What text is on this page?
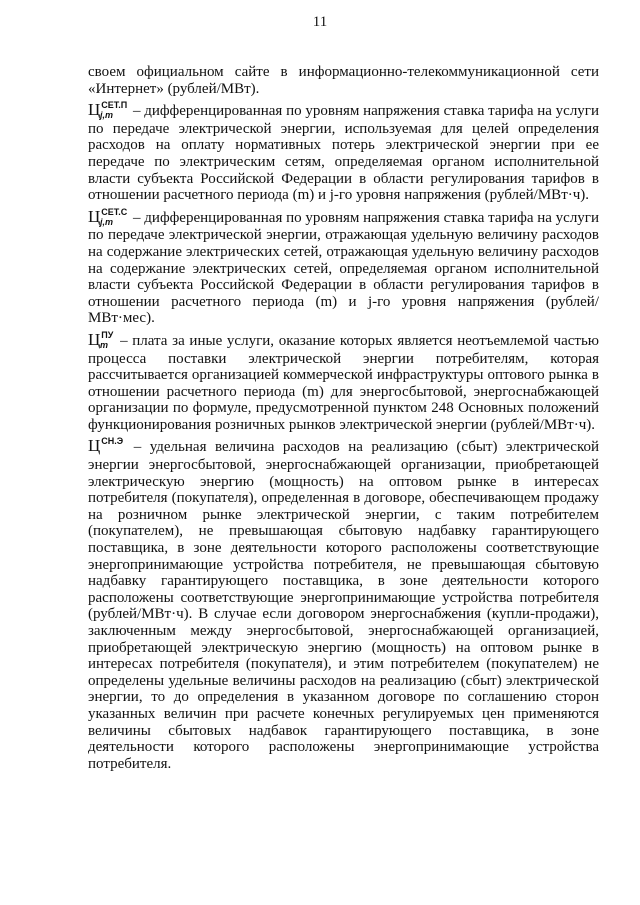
11

своем официальном сайте в информационно-телекоммуникационной сети «Интернет» (рублей/МВт).

$Ц^{СЕТ.П}$
j,m – дифференцированная по уровням напряжения ставка тарифа на услуги по передаче электрической энергии, используемая для целей определения расходов на оплату нормативных потерь электрической энергии при ее передаче по электрическим сетям, определяемая органом исполнительной власти субъекта Российской Федерации в области регулирования тарифов в отношении расчетного периода (m) и j-го уровня напряжения (рублей/МВт·ч).

$Ц^{СЕТ.С}$
j,m – дифференцированная по уровням напряжения ставка тарифа на услуги по передаче электрической энергии, отражающая удельную величину расходов на содержание электрических сетей, отражающая удельную величину расходов на содержание электрических сетей, определяемая органом исполнительной власти субъекта Российской Федерации в области регулирования тарифов в отношении расчетного периода (m) и j-го уровня напряжения (рублей/МВт·мес).

$Ц^{ПУ}$
m – плата за иные услуги, оказание которых является неотъемлемой частью процесса поставки электрической энергии потребителям, которая рассчитывается организацией коммерческой инфраструктуры оптового рынка в отношении расчетного периода (m) для энергосбытовой, энергоснабжающей организации по формуле, предусмотренной пунктом 248 Основных положений функционирования розничных рынков электрической энергии (рублей/МВт·ч).

$Ц^{СН.Э}$
– удельная величина расходов на реализацию (сбыт) электрической энергии энергосбытовой, энергоснабжающей организации, приобретающей электрическую энергию (мощность) на оптовом рынке в интересах потребителя (покупателя), определенная в договоре, обеспечивающем продажу на розничном рынке электрической энергии, с таким потребителем (покупателем), не превышающая сбытовую надбавку гарантирующего поставщика, в зоне деятельности которого расположены соответствующие энергопринимающие устройства потребителя, не превышающая сбытовую надбавку гарантирующего поставщика, в зоне деятельности которого расположены соответствующие энергопринимающие устройства потребителя (рублей/МВт·ч). В случае если договором энергоснабжения (купли-продажи), заключенным между энергосбытовой, энергоснабжающей организацией, приобретающей электрическую энергию (мощность) на оптовом рынке в интересах потребителя (покупателя), и этим потребителем (покупателем) не определены удельные величины расходов на реализацию (сбыт) электрической энергии, то до определения в указанном договоре по соглашению сторон указанных величин при расчете конечных регулируемых цен применяются величины сбытовых надбавок гарантирующего поставщика, в зоне деятельности которого расположены энергопринимающие устройства потребителя.
